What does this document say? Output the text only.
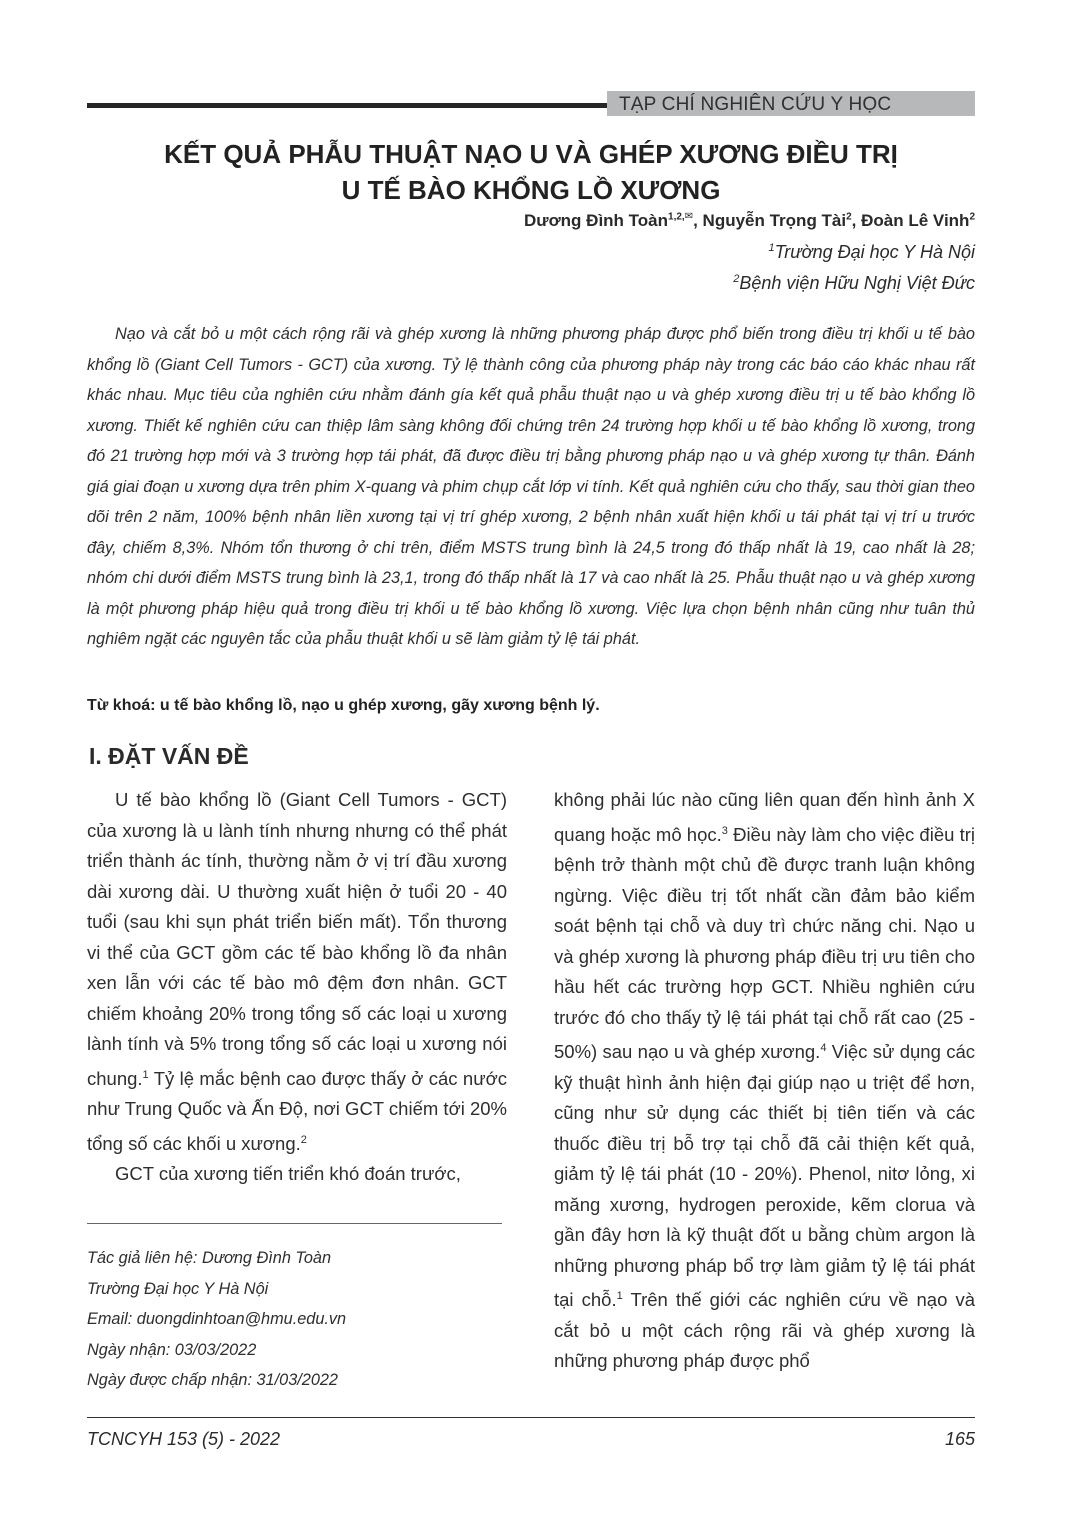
TẠP CHÍ NGHIÊN CỨU Y HỌC
KẾT QUẢ PHẪU THUẬT NẠO U VÀ GHÉP XƯƠNG ĐIỀU TRỊ
U TẾ BÀO KHỔNG LỒ XƯƠNG
Dương Đình Toàn$^{1,2,}$✉, Nguyễn Trọng Tài$^2$, Đoàn Lê Vinh$^2$
$^1$Trường Đại học Y Hà Nội
$^2$Bệnh viện Hữu Nghị Việt Đức
Nạo và cắt bỏ u một cách rộng rãi và ghép xương là những phương pháp được phổ biến trong điều trị khối u tế bào khổng lồ (Giant Cell Tumors - GCT) của xương. Tỷ lệ thành công của phương pháp này trong các báo cáo khác nhau rất khác nhau. Mục tiêu của nghiên cứu nhằm đánh gía kết quả phẫu thuật nạo u và ghép xương điều trị u tế bào khổng lồ xương. Thiết kế nghiên cứu can thiệp lâm sàng không đối chứng trên 24 trường hợp khối u tế bào khổng lồ xương, trong đó 21 trường hợp mới và 3 trường hợp tái phát, đã được điều trị bằng phương pháp nạo u và ghép xương tự thân. Đánh giá giai đoạn u xương dựa trên phim X-quang và phim chụp cắt lớp vi tính. Kết quả nghiên cứu cho thấy, sau thời gian theo dõi trên 2 năm, 100% bệnh nhân liền xương tại vị trí ghép xương, 2 bệnh nhân xuất hiện khối u tái phát tại vị trí u trước đây, chiếm 8,3%. Nhóm tổn thương ở chi trên, điểm MSTS trung bình là 24,5 trong đó thấp nhất là 19, cao nhất là 28; nhóm chi dưới điểm MSTS trung bình là 23,1, trong đó thấp nhất là 17 và cao nhất là 25. Phẫu thuật nạo u và ghép xương là một phương pháp hiệu quả trong điều trị khối u tế bào khổng lồ xương. Việc lựa chọn bệnh nhân cũng như tuân thủ nghiêm ngặt các nguyên tắc của phẫu thuật khối u sẽ làm giảm tỷ lệ tái phát.
Từ khoá: u tế bào khổng lồ, nạo u ghép xương, gãy xương bệnh lý.
I. ĐẶT VẤN ĐỀ

U tế bào khổng lồ (Giant Cell Tumors - GCT) của xương là u lành tính nhưng nhưng có thể phát triển thành ác tính, thường nằm ở vị trí đầu xương dài xương dài. U thường xuất hiện ở tuổi 20 - 40 tuổi (sau khi sụn phát triển biến mất). Tổn thương vi thể của GCT gồm các tế bào khổng lồ đa nhân xen lẫn với các tế bào mô đệm đơn nhân. GCT chiếm khoảng 20% trong tổng số các loại u xương lành tính và 5% trong tổng số các loại u xương nói chung.$^1$ Tỷ lệ mắc bệnh cao được thấy ở các nước như Trung Quốc và Ấn Độ, nơi GCT chiếm tới 20% tổng số các khối u xương.$^2$

GCT của xương tiến triển khó đoán trước,

không phải lúc nào cũng liên quan đến hình ảnh X quang hoặc mô học.$^3$ Điều này làm cho việc điều trị bệnh trở thành một chủ đề được tranh luận không ngừng. Việc điều trị tốt nhất cần đảm bảo kiểm soát bệnh tại chỗ và duy trì chức năng chi. Nạo u và ghép xương là phương pháp điều trị ưu tiên cho hầu hết các trường hợp GCT. Nhiều nghiên cứu trước đó cho thấy tỷ lệ tái phát tại chỗ rất cao (25 - 50%) sau nạo u và ghép xương.$^4$ Việc sử dụng các kỹ thuật hình ảnh hiện đại giúp nạo u triệt để hơn, cũng như sử dụng các thiết bị tiên tiến và các thuốc điều trị bỗ trợ tại chỗ đã cải thiện kết quả, giảm tỷ lệ tái phát (10 - 20%). Phenol, nitơ lỏng, xi măng xương, hydrogen peroxide, kẽm clorua và gần đây hơn là kỹ thuật đốt u bằng chùm argon là những phương pháp bổ trợ làm giảm tỷ lệ tái phát tại chỗ.$^1$ Trên thế giới các nghiên cứu về nạo và cắt bỏ u một cách rộng rãi và ghép xương là những phương pháp được phổ

Tác giả liên hệ: Dương Đình Toàn
Trường Đại học Y Hà Nội
Email: duongdinhtoan@hmu.edu.vn
Ngày nhận: 03/03/2022
Ngày được chấp nhận: 31/03/2022
TCNCYH 153 (5) - 2022	165
